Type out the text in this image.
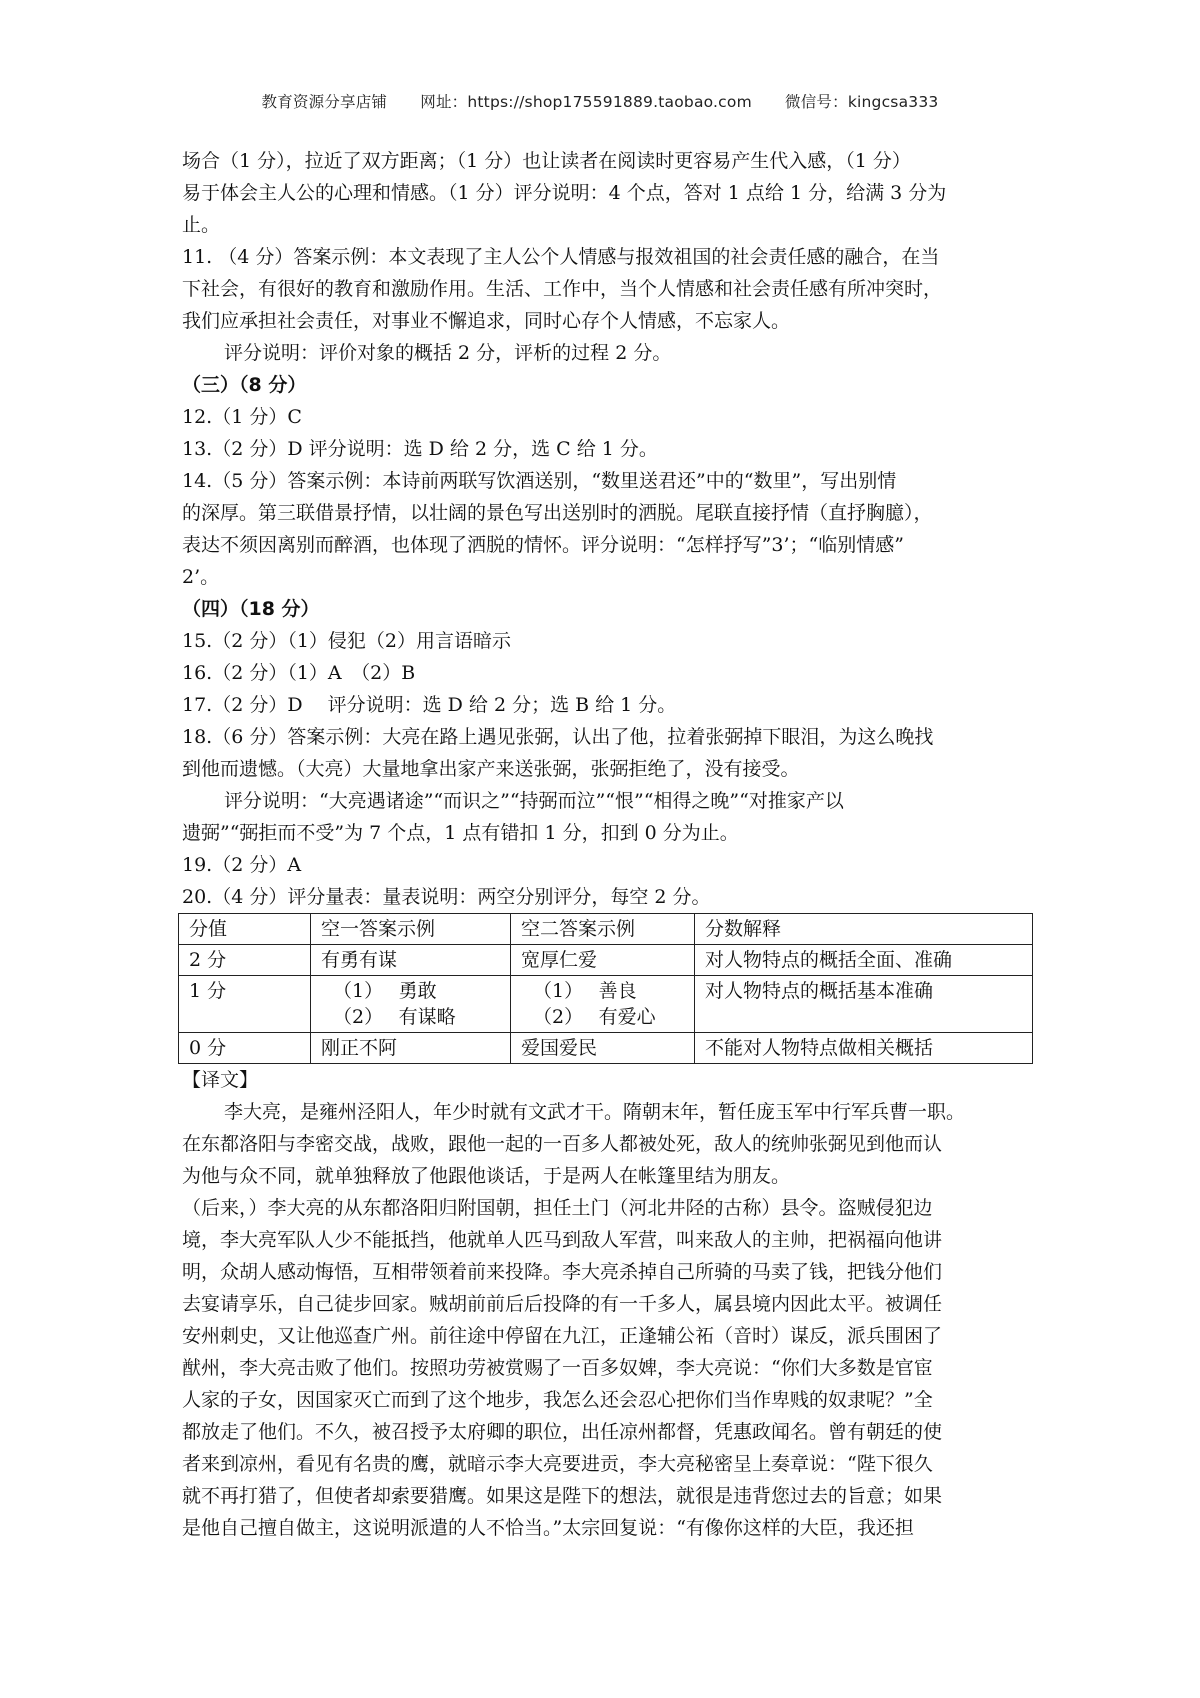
教育资源分享店铺 网址：https://shop175591889.taobao.com 微信号：kingcsa333

场合（1 分），拉近了双方距离；（1 分）也让读者在阅读时更容易产生代入感，（1 分）

易于体会主人公的心理和情感。（1 分）评分说明：4 个点，答对 1 点给 1 分，给满 3 分为

止。

11. （4 分）答案示例：本文表现了主人公个人情感与报效祖国的社会责任感的融合，在当

下社会，有很好的教育和激励作用。生活、工作中，当个人情感和社会责任感有所冲突时，

我们应承担社会责任，对事业不懈追求，同时心存个人情感，不忘家人。

评分说明：评价对象的概括 2 分，评析的过程 2 分。

（三）（8 分）

12.（1 分）C

13.（2 分）D 评分说明：选 D 给 2 分，选 C 给 1 分。

14.（5 分）答案示例：本诗前两联写饮酒送别，“数里送君还”中的“数里”，写出别情

的深厚。第三联借景抒情，以壮阔的景色写出送别时的洒脱。尾联直接抒情（直抒胸臆），

表达不须因离别而醉酒，也体现了洒脱的情怀。评分说明：“怎样抒写”3’；“临别情感”

2’。

（四）（18 分）

15.（2 分）（1）侵犯（2）用言语暗示

16.（2 分）（1）A　（2）B

17.（2 分）D　 评分说明：选 D 给 2 分；选 B 给 1 分。

18.（6 分）答案示例：大亮在路上遇见张弼，认出了他，拉着张弼掉下眼泪，为这么晚找

到他而遗憾。（大亮）大量地拿出家产来送张弼，张弼拒绝了，没有接受。

评分说明：“大亮遇诸途”“而识之”“持弼而泣”“恨”“相得之晚”“对推家产以

遗弼”“弼拒而不受”为 7 个点，1 点有错扣 1 分，扣到 0 分为止。

19.（2 分）A

20.（4 分）评分量表：量表说明：两空分别评分，每空 2 分。

分值	空一答案示例	空二答案示例	分数解释
2 分	有勇有谋	宽厚仁爱	对人物特点的概括全面、准确
1 分	（1）　 勇敢
（2）　 有谋略	（1）　 善良
（2）　 有爱心	对人物特点的概括基本准确
0 分	刚正不阿	爱国爱民	不能对人物特点做相关概括

【译文】

李大亮，是雍州泾阳人，年少时就有文武才干。隋朝末年，暂任庞玉军中行军兵曹一职。

在东都洛阳与李密交战，战败，跟他一起的一百多人都被处死，敌人的统帅张弼见到他而认

为他与众不同，就单独释放了他跟他谈话，于是两人在帐篷里结为朋友。

（后来，）李大亮的从东都洛阳归附国朝，担任土门（河北井陉的古称）县令。盗贼侵犯边

境，李大亮军队人少不能抵挡，他就单人匹马到敌人军营，叫来敌人的主帅，把祸福向他讲

明，众胡人感动悔悟，互相带领着前来投降。李大亮杀掉自己所骑的马卖了钱，把钱分他们

去宴请享乐，自己徒步回家。贼胡前前后后投降的有一千多人，属县境内因此太平。被调任

安州刺史，又让他巡查广州。前往途中停留在九江，正逢辅公祏（音时）谋反，派兵围困了

猷州，李大亮击败了他们。按照功劳被赏赐了一百多奴婢，李大亮说：“你们大多数是官宦

人家的子女，因国家灭亡而到了这个地步，我怎么还会忍心把你们当作卑贱的奴隶呢？”全

都放走了他们。不久，被召授予太府卿的职位，出任凉州都督，凭惠政闻名。曾有朝廷的使

者来到凉州，看见有名贵的鹰，就暗示李大亮要进贡，李大亮秘密呈上奏章说：“陛下很久

就不再打猎了，但使者却索要猎鹰。如果这是陛下的想法，就很是违背您过去的旨意；如果

是他自己擅自做主，这说明派遣的人不恰当。”太宗回复说：“有像你这样的大臣，我还担
